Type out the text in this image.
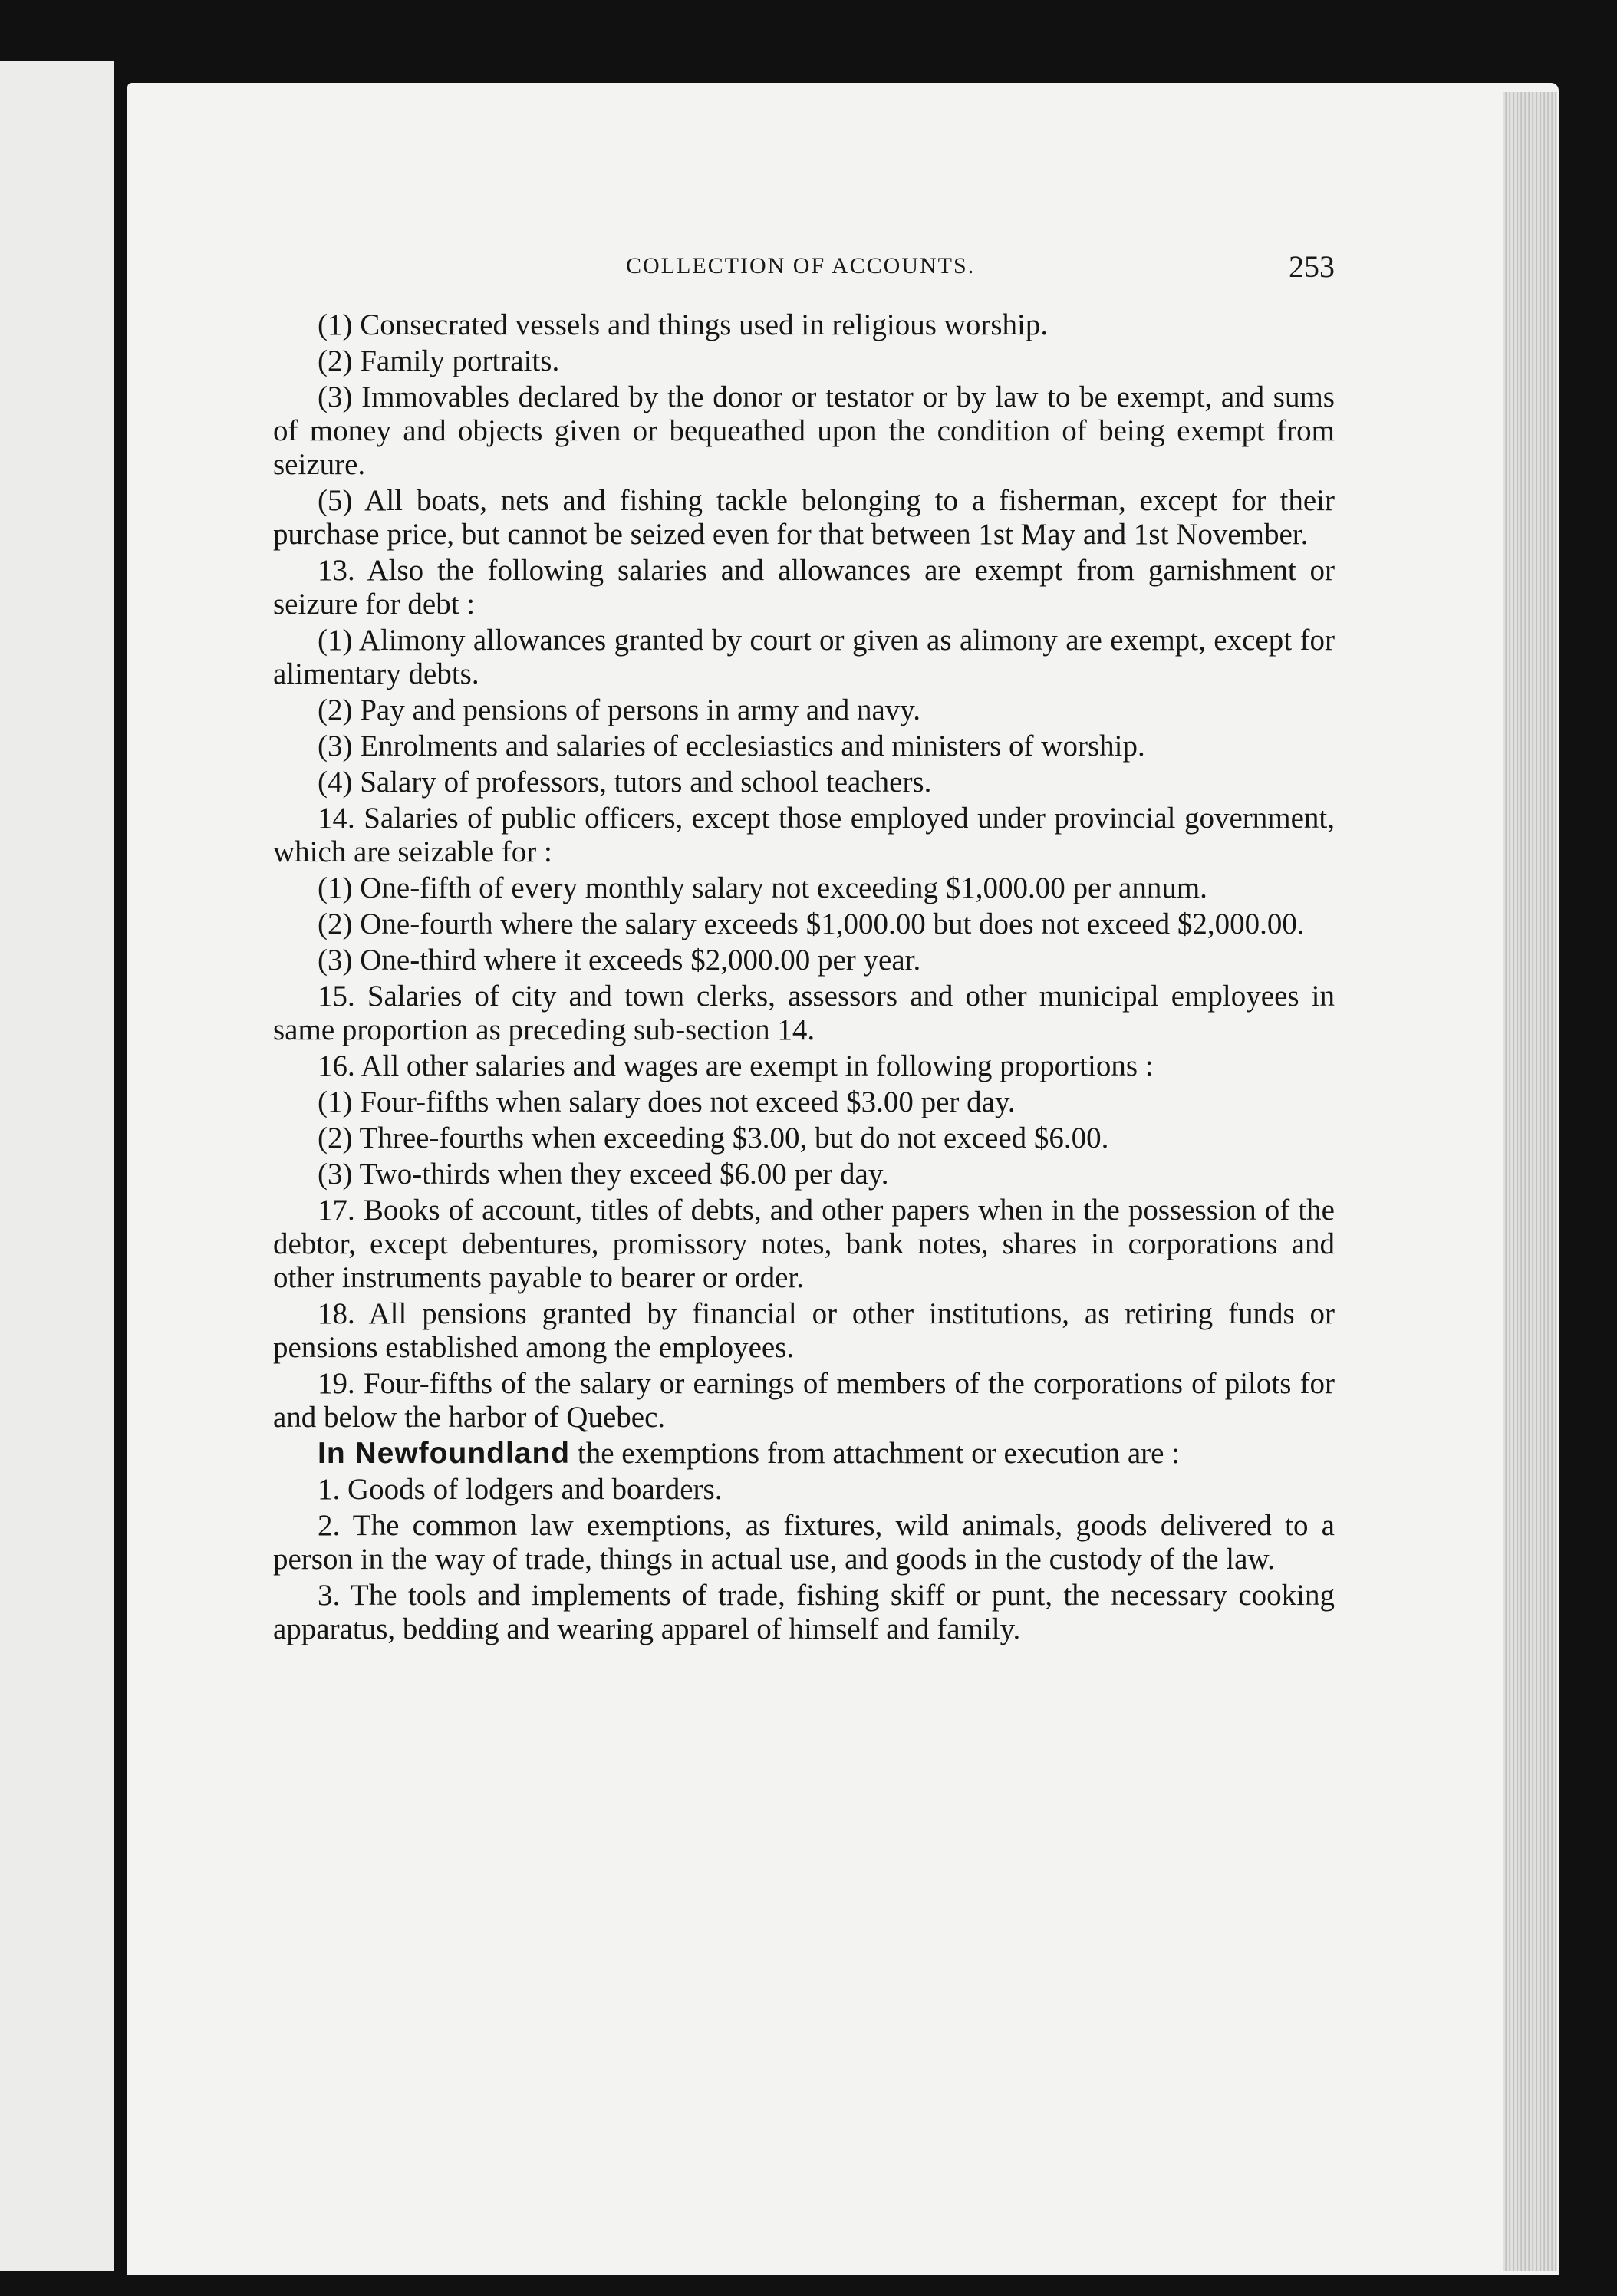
COLLECTION OF ACCOUNTS.	253

(1) Consecrated vessels and things used in religious worship.

(2) Family portraits.

(3) Immovables declared by the donor or testator or by law to be exempt, and sums of money and objects given or bequeathed upon the condition of being exempt from seizure.

(5) All boats, nets and fishing tackle belonging to a fisherman, except for their purchase price, but cannot be seized even for that between 1st May and 1st November.

13. Also the following salaries and allowances are exempt from garnishment or seizure for debt :

(1) Alimony allowances granted by court or given as alimony are exempt, except for alimentary debts.

(2) Pay and pensions of persons in army and navy.

(3) Enrolments and salaries of ecclesiastics and ministers of worship.

(4) Salary of professors, tutors and school teachers.

14. Salaries of public officers, except those employed under provincial government, which are seizable for :

(1) One-fifth of every monthly salary not exceeding $1,000.00 per annum.

(2) One-fourth where the salary exceeds $1,000.00 but does not exceed $2,000.00.

(3) One-third where it exceeds $2,000.00 per year.

15. Salaries of city and town clerks, assessors and other municipal employees in same proportion as preceding sub-section 14.

16. All other salaries and wages are exempt in following proportions :

(1) Four-fifths when salary does not exceed $3.00 per day.

(2) Three-fourths when exceeding $3.00, but do not exceed $6.00.

(3) Two-thirds when they exceed $6.00 per day.

17. Books of account, titles of debts, and other papers when in the possession of the debtor, except debentures, promissory notes, bank notes, shares in corporations and other instruments payable to bearer or order.

18. All pensions granted by financial or other institutions, as retiring funds or pensions established among the employees.

19. Four-fifths of the salary or earnings of members of the corporations of pilots for and below the harbor of Quebec.

In Newfoundland the exemptions from attachment or execution are :

1. Goods of lodgers and boarders.

2. The common law exemptions, as fixtures, wild animals, goods delivered to a person in the way of trade, things in actual use, and goods in the custody of the law.

3. The tools and implements of trade, fishing skiff or punt, the necessary cooking apparatus, bedding and wearing apparel of himself and family.
